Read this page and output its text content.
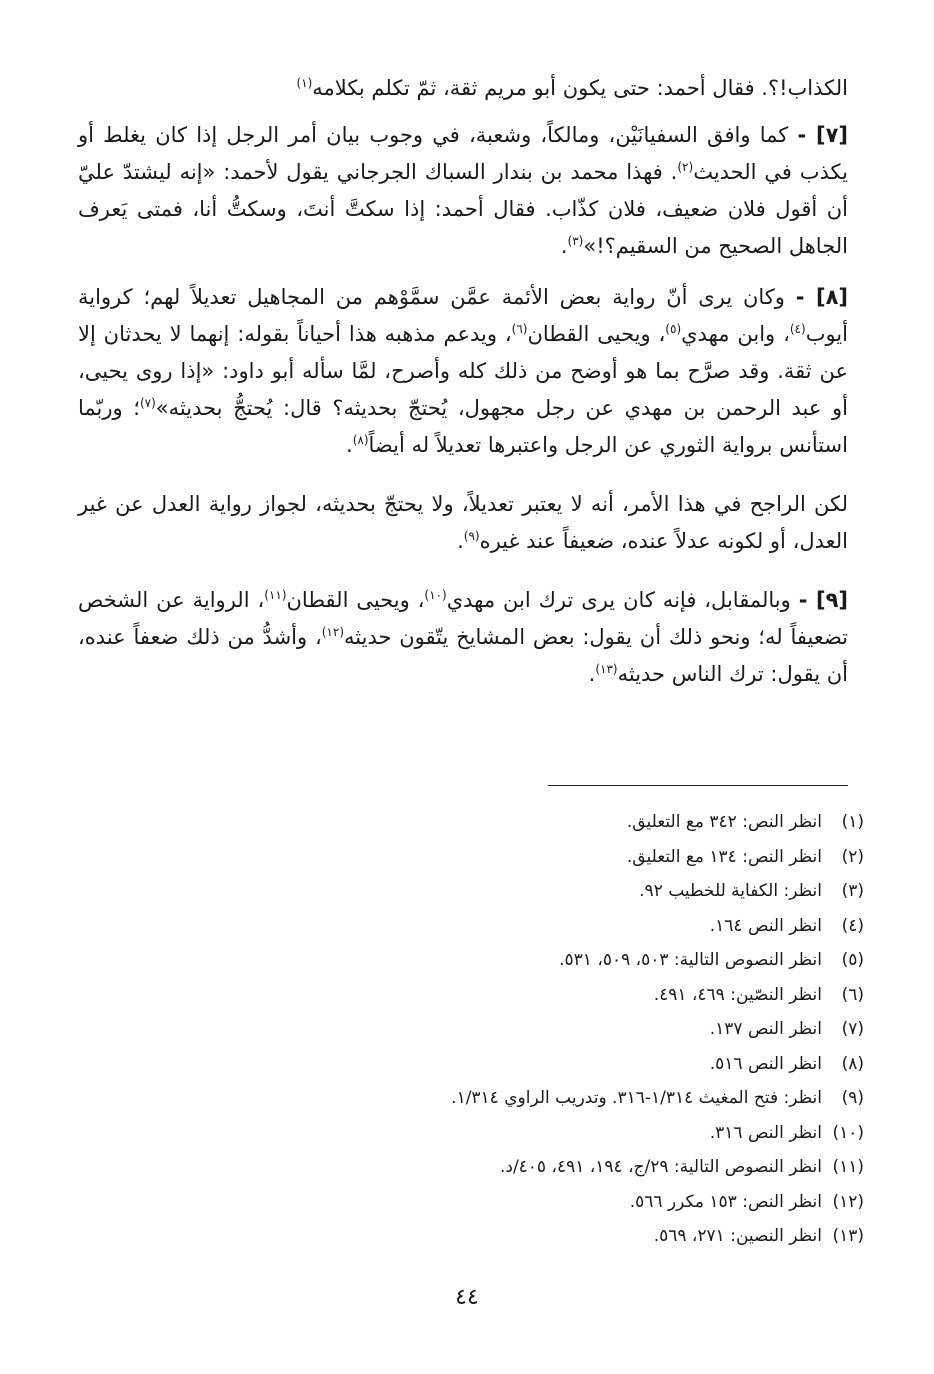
الكذاب!؟. فقال أحمد: حتى يكون أبو مريم ثقة، ثمّ تكلم بكلامه$^{(١)}$

[٧] - كما وافق السفيانَيْن، ومالكاً، وشعبة، في وجوب بيان أمر الرجل إذا كان يغلط أو يكذب في الحديث$^{(٢)}$. فهذا محمد بن بندار السباك الجرجاني يقول لأحمد: «إنه ليشتدّ عليّ أن أقول فلان ضعيف، فلان كذّاب. فقال أحمد: إذا سكتَّ أنتَ، وسكتُّ أنا، فمتى يَعرف الجاهل الصحيح من السقيم؟!»$^{(٣)}$.

[٨] - وكان يرى أنّ رواية بعض الأئمة عمَّن سمَّوْهم من المجاهيل تعديلاً لهم؛ كرواية أيوب$^{(٤)}$، وابن مهدي$^{(٥)}$، ويحيى القطان$^{(٦)}$، ويدعم مذهبه هذا أحياناً بقوله: إنهما لا يحدثان إلا عن ثقة. وقد صرَّح بما هو أوضح من ذلك كله وأصرح، لمَّا سأله أبو داود: «إذا روى يحيى، أو عبد الرحمن بن مهدي عن رجل مجهول، يُحتجّ بحديثه؟ قال: يُحتجُّ بحديثه»$^{(٧)}$؛ وربّما استأنس برواية الثوري عن الرجل واعتبرها تعديلاً له أيضاً$^{(٨)}$.

لكن الراجح في هذا الأمر، أنه لا يعتبر تعديلاً، ولا يحتجّ بحديثه، لجواز رواية العدل عن غير العدل، أو لكونه عدلاً عنده، ضعيفاً عند غيره$^{(٩)}$.

[٩] - وبالمقابل، فإنه كان يرى ترك ابن مهدي$^{(١٠)}$، ويحيى القطان$^{(١١)}$، الرواية عن الشخص تضعيفاً له؛ ونحو ذلك أن يقول: بعض المشايخ يتّقون حديثه$^{(١٢)}$، وأشدُّ من ذلك ضعفاً عنده، أن يقول: ترك الناس حديثه$^{(١٣)}$.

(١)انظر النص: ٣٤٢ مع التعليق.
(٢)انظر النص: ١٣٤ مع التعليق.
(٣)انظر: الكفاية للخطيب ٩٢.
(٤)انظر النص ١٦٤.
(٥)انظر النصوص التالية: ٥٠٣، ٥٠٩، ٥٣١.
(٦)انظر النصّين: ٤٦٩، ٤٩١.
(٧)انظر النص ١٣٧.
(٨)انظر النص ٥١٦.
(٩)انظر: فتح المغيث ١/٣١٤-٣١٦. وتدريب الراوي ١/٣١٤.
(١٠)انظر النص ٣١٦.
(١١)انظر النصوص التالية: ٢٩/ج، ١٩٤، ٤٩١، ٤٠٥/د.
(١٢)انظر النص: ١٥٣ مكرر ٥٦٦.
(١٣)انظر النصين: ٢٧١، ٥٦٩.
٤٤
